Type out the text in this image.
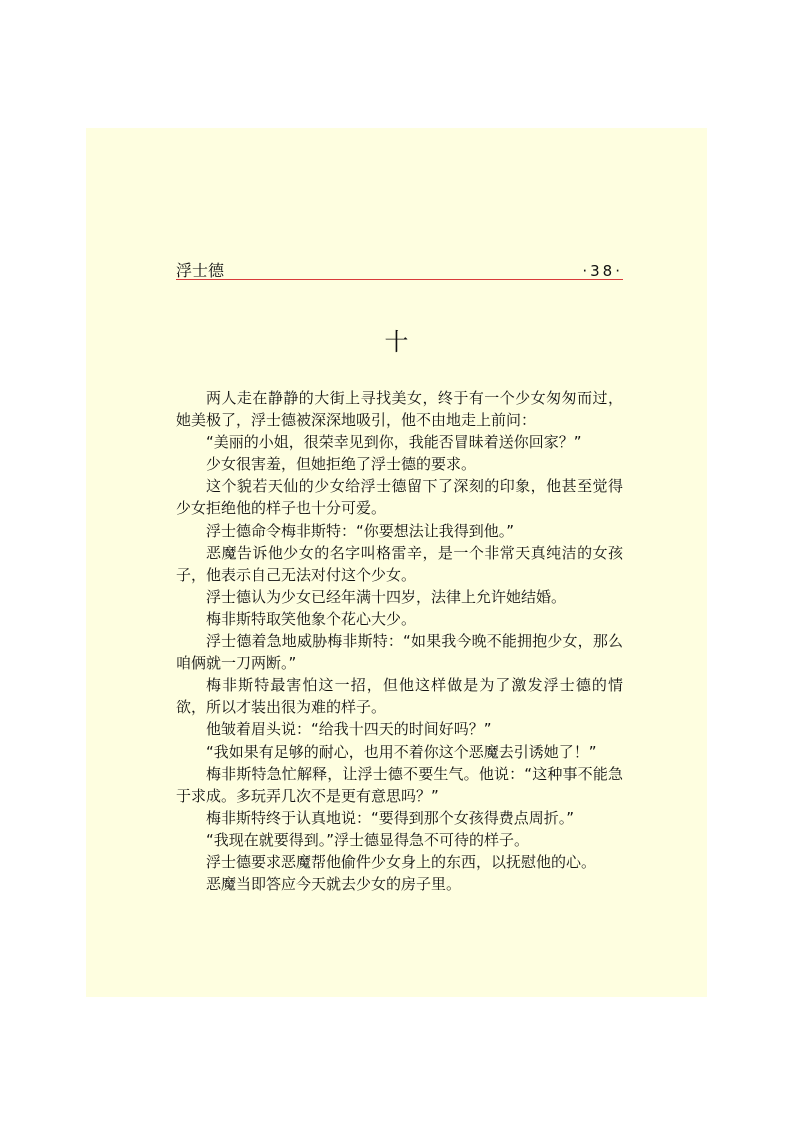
浮士德	·38·
十

两人走在静静的大街上寻找美女，终于有一个少女匆匆而过，她美极了，浮士德被深深地吸引，他不由地走上前问：

“美丽的小姐，很荣幸见到你，我能否冒昧着送你回家？”

少女很害羞，但她拒绝了浮士德的要求。

这个貌若天仙的少女给浮士德留下了深刻的印象，他甚至觉得少女拒绝他的样子也十分可爱。

浮士德命令梅非斯特：“你要想法让我得到他。”

恶魔告诉他少女的名字叫格雷辛，是一个非常天真纯洁的女孩子，他表示自己无法对付这个少女。

浮士德认为少女已经年满十四岁，法律上允许她结婚。

梅非斯特取笑他象个花心大少。

浮士德着急地威胁梅非斯特：“如果我今晚不能拥抱少女，那么咱俩就一刀两断。”

梅非斯特最害怕这一招，但他这样做是为了激发浮士德的情欲，所以才装出很为难的样子。

他皱着眉头说：“给我十四天的时间好吗？”

“我如果有足够的耐心，也用不着你这个恶魔去引诱她了！”

梅非斯特急忙解释，让浮士德不要生气。他说：“这种事不能急于求成。多玩弄几次不是更有意思吗？”

梅非斯特终于认真地说：“要得到那个女孩得费点周折。”

“我现在就要得到。”浮士德显得急不可待的样子。

浮士德要求恶魔帮他偷件少女身上的东西，以抚慰他的心。

恶魔当即答应今天就去少女的房子里。
